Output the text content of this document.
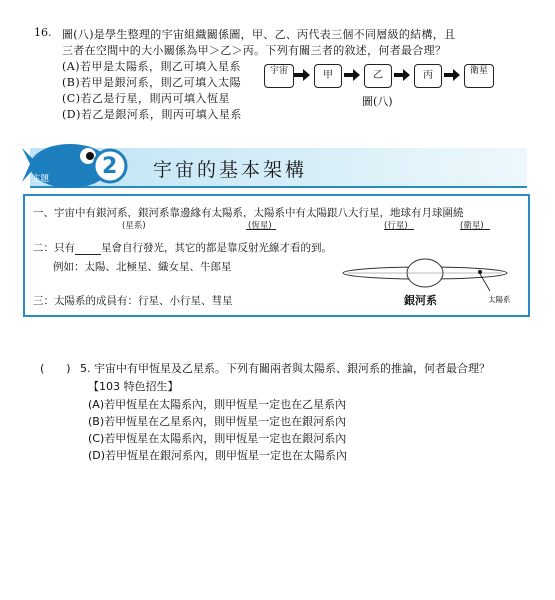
16. 圖(八)是學生整理的宇宙組織關係圖，甲、乙、丙代表三個不同層級的結構，且
三者在空間中的大小關係為甲＞乙＞丙。下列有關三者的敘述，何者最合理？
(A)若甲是太陽系，則乙可填入星系
(B)若甲是銀河系，則乙可填入太陽
(C)若乙是行星，則丙可填入恆星
(D)若乙是銀河系，則丙可填入星系
宇宙	甲	乙	丙	衛星
圖(八)
主題 2 宇宙的基本架構
一、宇宙中有銀河系，銀河系靠邊緣有太陽系，太陽系中有太陽跟八大行星，地球有月球圍繞
(星系)	(恆星)	(行星)	(衛星)
二：只有 星會自行發光，其它的都是靠反射光線才看的到。
例如：太陽、北極星、織女星、牛郎星
三：太陽系的成員有：行星、小行星、彗星	銀河系	太陽系
(　　) 5. 宇宙中有甲恆星及乙星系。下列有關兩者與太陽系、銀河系的推論，何者最合理？
【103 特色招生】
(A)若甲恆星在太陽系內，則甲恆星一定也在乙星系內
(B)若甲恆星在乙星系內，則甲恆星一定也在銀河系內
(C)若甲恆星在太陽系內，則甲恆星一定也在銀河系內
(D)若甲恆星在銀河系內，則甲恆星一定也在太陽系內
